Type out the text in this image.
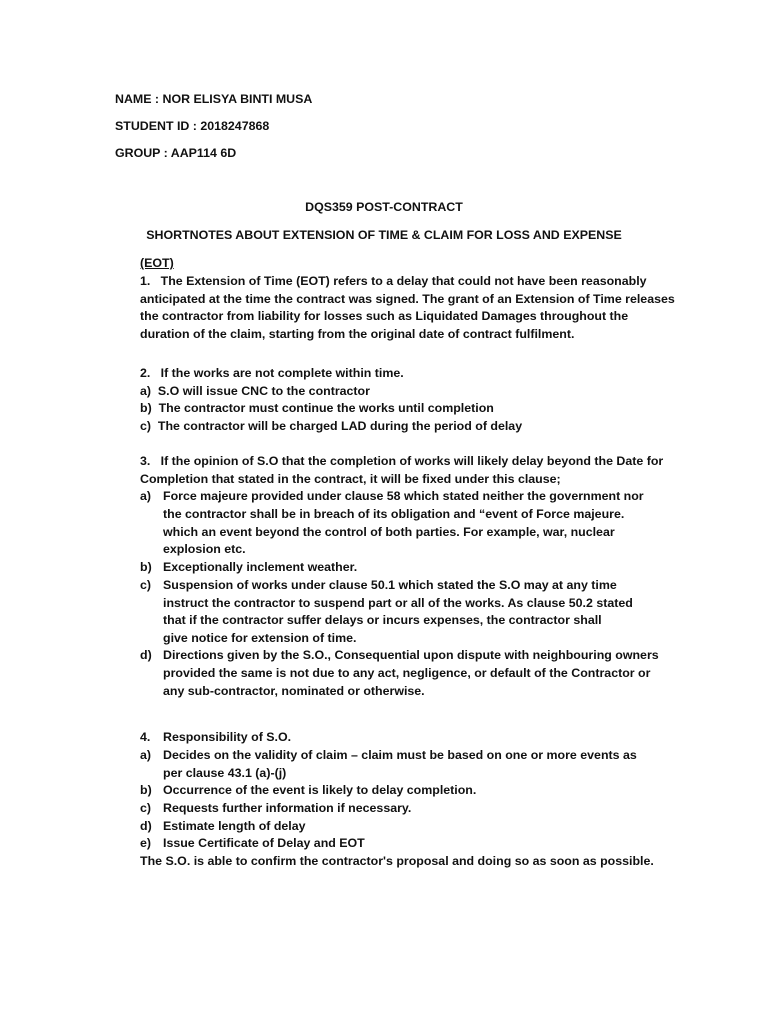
NAME : NOR ELISYA BINTI MUSA
STUDENT ID : 2018247868
GROUP : AAP114 6D
DQS359 POST-CONTRACT
SHORTNOTES ABOUT EXTENSION OF TIME & CLAIM FOR LOSS AND EXPENSE
(EOT)
1.   The Extension of Time (EOT) refers to a delay that could not have been reasonably
anticipated at the time the contract was signed. The grant of an Extension of Time releases
the contractor from liability for losses such as Liquidated Damages throughout the
duration of the claim, starting from the original date of contract fulfilment.
2.   If the works are not complete within time.
a)  S.O will issue CNC to the contractor
b)  The contractor must continue the works until completion
c)  The contractor will be charged LAD during the period of delay
3.   If the opinion of S.O that the completion of works will likely delay beyond the Date for
Completion that stated in the contract, it will be fixed under this clause;
a) Force majeure provided under clause 58 which stated neither the government nor
the contractor shall be in breach of its obligation and “event of Force majeure.
which an event beyond the control of both parties. For example, war, nuclear
explosion etc.
b) Exceptionally inclement weather.
c) Suspension of works under clause 50.1 which stated the S.O may at any time
instruct the contractor to suspend part or all of the works. As clause 50.2 stated
that if the contractor suffer delays or incurs expenses, the contractor shall
give notice for extension of time.
d) Directions given by the S.O., Consequential upon dispute with neighbouring owners
provided the same is not due to any act, negligence, or default of the Contractor or
any sub-contractor, nominated or otherwise.
4. Responsibility of S.O.
a) Decides on the validity of claim – claim must be based on one or more events as
per clause 43.1 (a)-(j)
b) Occurrence of the event is likely to delay completion.
c) Requests further information if necessary.
d) Estimate length of delay
e) Issue Certificate of Delay and EOT
The S.O. is able to confirm the contractor's proposal and doing so as soon as possible.
